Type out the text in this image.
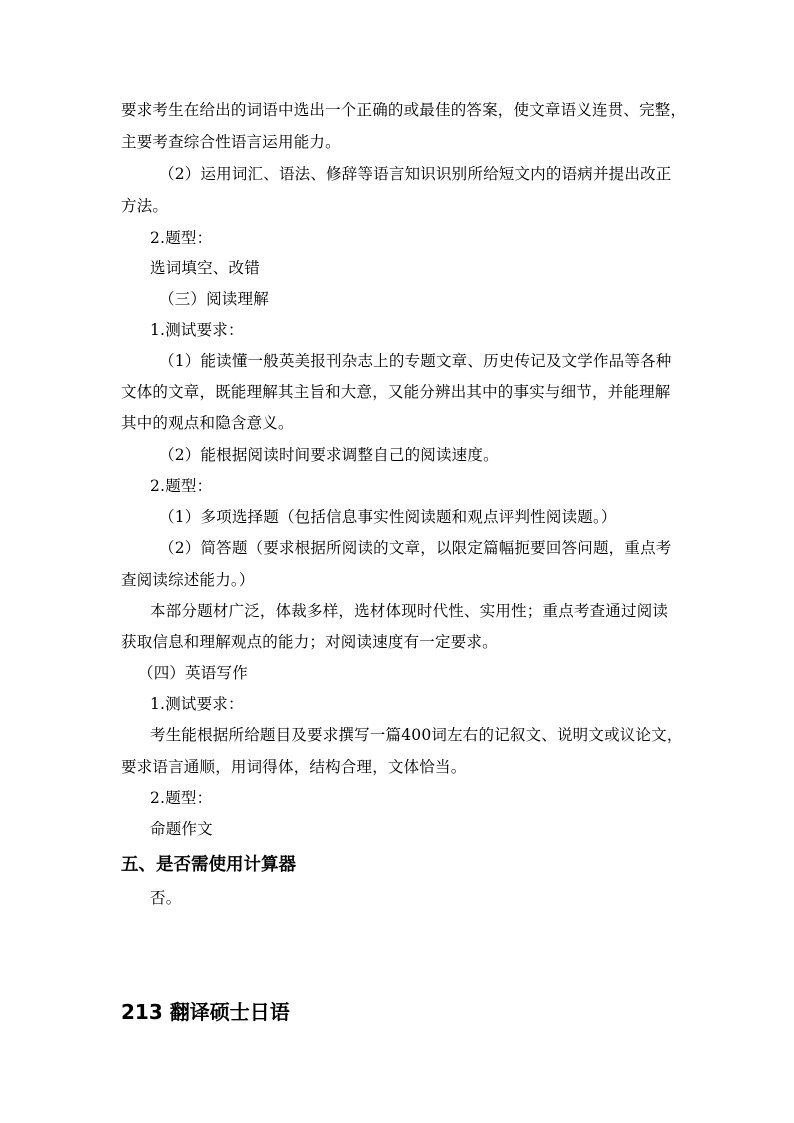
要求考生在给出的词语中选出一个正确的或最佳的答案，使文章语义连贯、完整，
主要考查综合性语言运用能力。
（2）运用词汇、语法、修辞等语言知识识别所给短文内的语病并提出改正
方法。
2.题型：
选词填空、改错
（三）阅读理解
1.测试要求：
（1）能读懂一般英美报刊杂志上的专题文章、历史传记及文学作品等各种
文体的文章，既能理解其主旨和大意，又能分辨出其中的事实与细节，并能理解
其中的观点和隐含意义。
（2）能根据阅读时间要求调整自己的阅读速度。
2.题型：
（1）多项选择题（包括信息事实性阅读题和观点评判性阅读题。）
（2）简答题（要求根据所阅读的文章，以限定篇幅扼要回答问题，重点考
查阅读综述能力。）
本部分题材广泛，体裁多样，选材体现时代性、实用性；重点考查通过阅读
获取信息和理解观点的能力；对阅读速度有一定要求。
（四）英语写作
1.测试要求：
考生能根据所给题目及要求撰写一篇400词左右的记叙文、说明文或议论文，
要求语言通顺，用词得体，结构合理，文体恰当。
2.题型：
命题作文
五、是否需使用计算器
否。
213 翻译硕士日语
